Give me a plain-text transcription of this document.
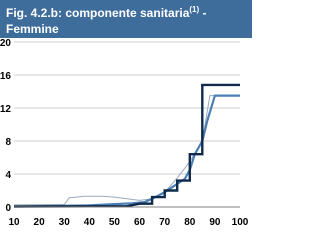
Fig. 4.2.b: componente sanitaria$^{(1)}$ -
Femmine
0
4
8
12
16
20
10 20 30 40 50 60 70 80 90 100
